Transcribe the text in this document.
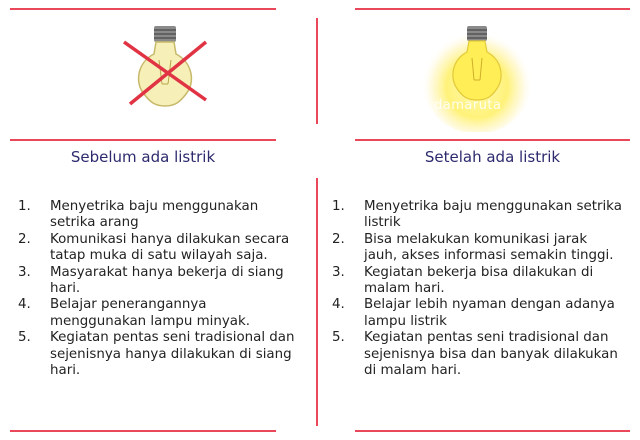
damaruta
Sebelum ada listrik	Setelah ada listrik
1. Menyetrika baju menggunakan setrika arang
2. Komunikasi hanya dilakukan secara tatap muka di satu wilayah saja.
3. Masyarakat hanya bekerja di siang hari.
4. Belajar penerangannya menggunakan lampu minyak.
5. Kegiatan pentas seni tradisional dan sejenisnya hanya dilakukan di siang hari.
1. Menyetrika baju menggunakan setrika listrik
2. Bisa melakukan komunikasi jarak jauh, akses informasi semakin tinggi.
3. Kegiatan bekerja bisa dilakukan di malam hari.
4. Belajar lebih nyaman dengan adanya lampu listrik
5. Kegiatan pentas seni tradisional dan sejenisnya bisa dan banyak dilakukan di malam hari.
